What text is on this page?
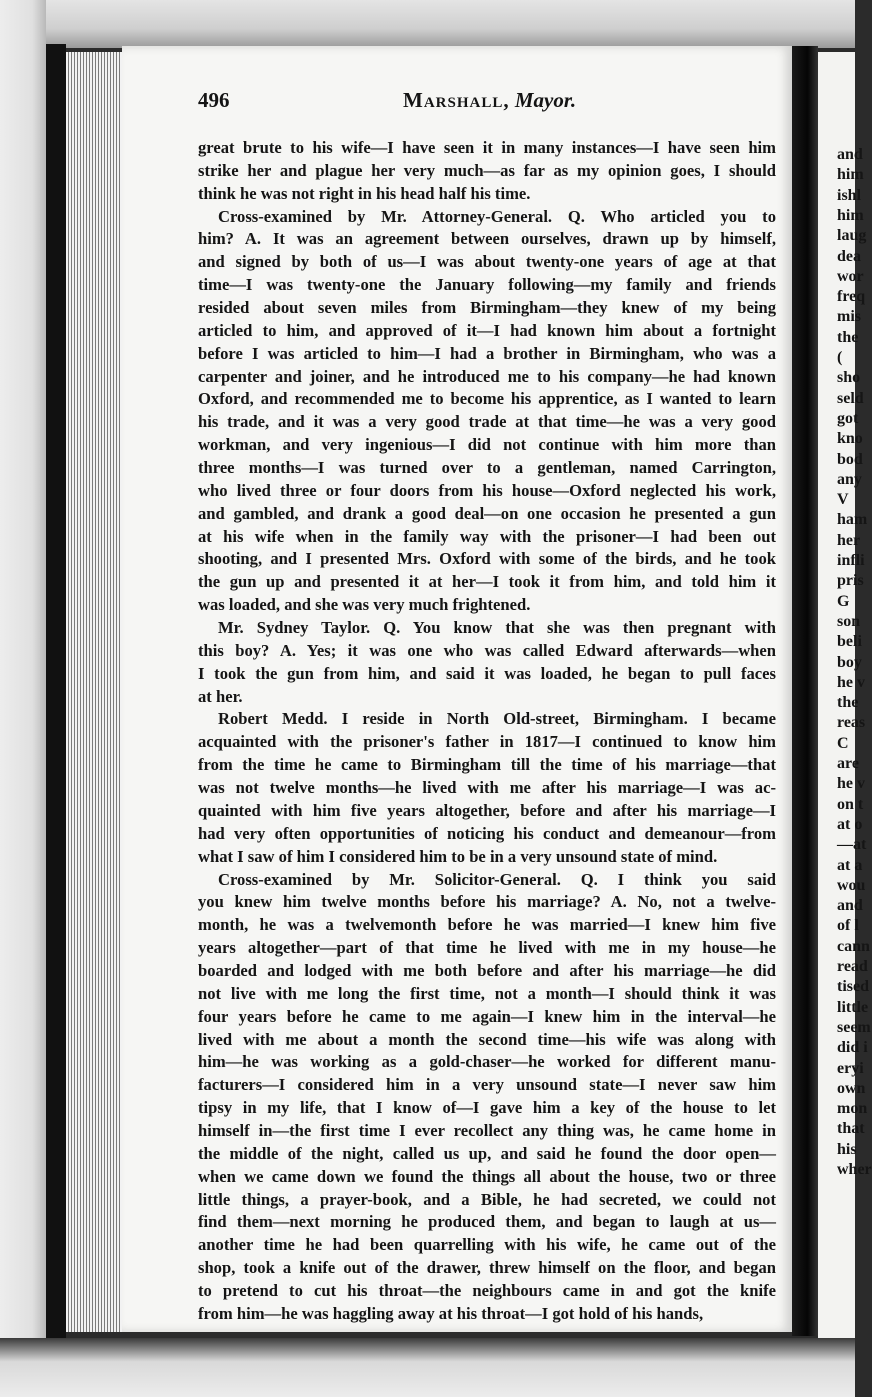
496	Marshall, Mayor.
great brute to his wife—I have seen it in many instances—I have seen him
strike her and plague her very much—as far as my opinion goes, I should
think he was not right in his head half his time.
Cross-examined by Mr. Attorney-General. Q. Who articled you to
him? A. It was an agreement between ourselves, drawn up by himself,
and signed by both of us—I was about twenty-one years of age at that
time—I was twenty-one the January following—my family and friends
resided about seven miles from Birmingham—they knew of my being
articled to him, and approved of it—I had known him about a fortnight
before I was articled to him—I had a brother in Birmingham, who was a
carpenter and joiner, and he introduced me to his company—he had known
Oxford, and recommended me to become his apprentice, as I wanted to learn
his trade, and it was a very good trade at that time—he was a very good
workman, and very ingenious—I did not continue with him more than
three months—I was turned over to a gentleman, named Carrington,
who lived three or four doors from his house—Oxford neglected his work,
and gambled, and drank a good deal—on one occasion he presented a gun
at his wife when in the family way with the prisoner—I had been out
shooting, and I presented Mrs. Oxford with some of the birds, and he took
the gun up and presented it at her—I took it from him, and told him it
was loaded, and she was very much frightened.
Mr. Sydney Taylor. Q. You know that she was then pregnant with
this boy? A. Yes; it was one who was called Edward afterwards—when
I took the gun from him, and said it was loaded, he began to pull faces
at her.
Robert Medd. I reside in North Old-street, Birmingham. I became
acquainted with the prisoner's father in 1817—I continued to know him
from the time he came to Birmingham till the time of his marriage—that
was not twelve months—he lived with me after his marriage—I was ac-
quainted with him five years altogether, before and after his marriage—I
had very often opportunities of noticing his conduct and demeanour—from
what I saw of him I considered him to be in a very unsound state of mind.
Cross-examined by Mr. Solicitor-General. Q. I think you said
you knew him twelve months before his marriage? A. No, not a twelve-
month, he was a twelvemonth before he was married—I knew him five
years altogether—part of that time he lived with me in my house—he
boarded and lodged with me both before and after his marriage—he did
not live with me long the first time, not a month—I should think it was
four years before he came to me again—I knew him in the interval—he
lived with me about a month the second time—his wife was along with
him—he was working as a gold-chaser—he worked for different manu-
facturers—I considered him in a very unsound state—I never saw him
tipsy in my life, that I know of—I gave him a key of the house to let
himself in—the first time I ever recollect any thing was, he came home in
the middle of the night, called us up, and said he found the door open—
when we came down we found the things all about the house, two or three
little things, a prayer-book, and a Bible, he had secreted, we could not
find them—next morning he produced them, and began to laugh at us—
another time he had been quarrelling with his wife, he came out of the
shop, took a knife out of the drawer, threw himself on the floor, and began
to pretend to cut his throat—the neighbours came in and got the knife
from him—he was haggling away at his throat—I got hold of his hands,
and
him
ishl
him
laug
dea
wor
freq
mis
the
(
sho
seld
got
kno
bod
any
V
ham
her
infli
pris
G
son
beli
boy
he v
the
reas
C
are
he v
on t
at o
—at
at a
wou
and
of l
cann
read
tised
little
seem
did i
eryi
own
mon
that
his
wher
